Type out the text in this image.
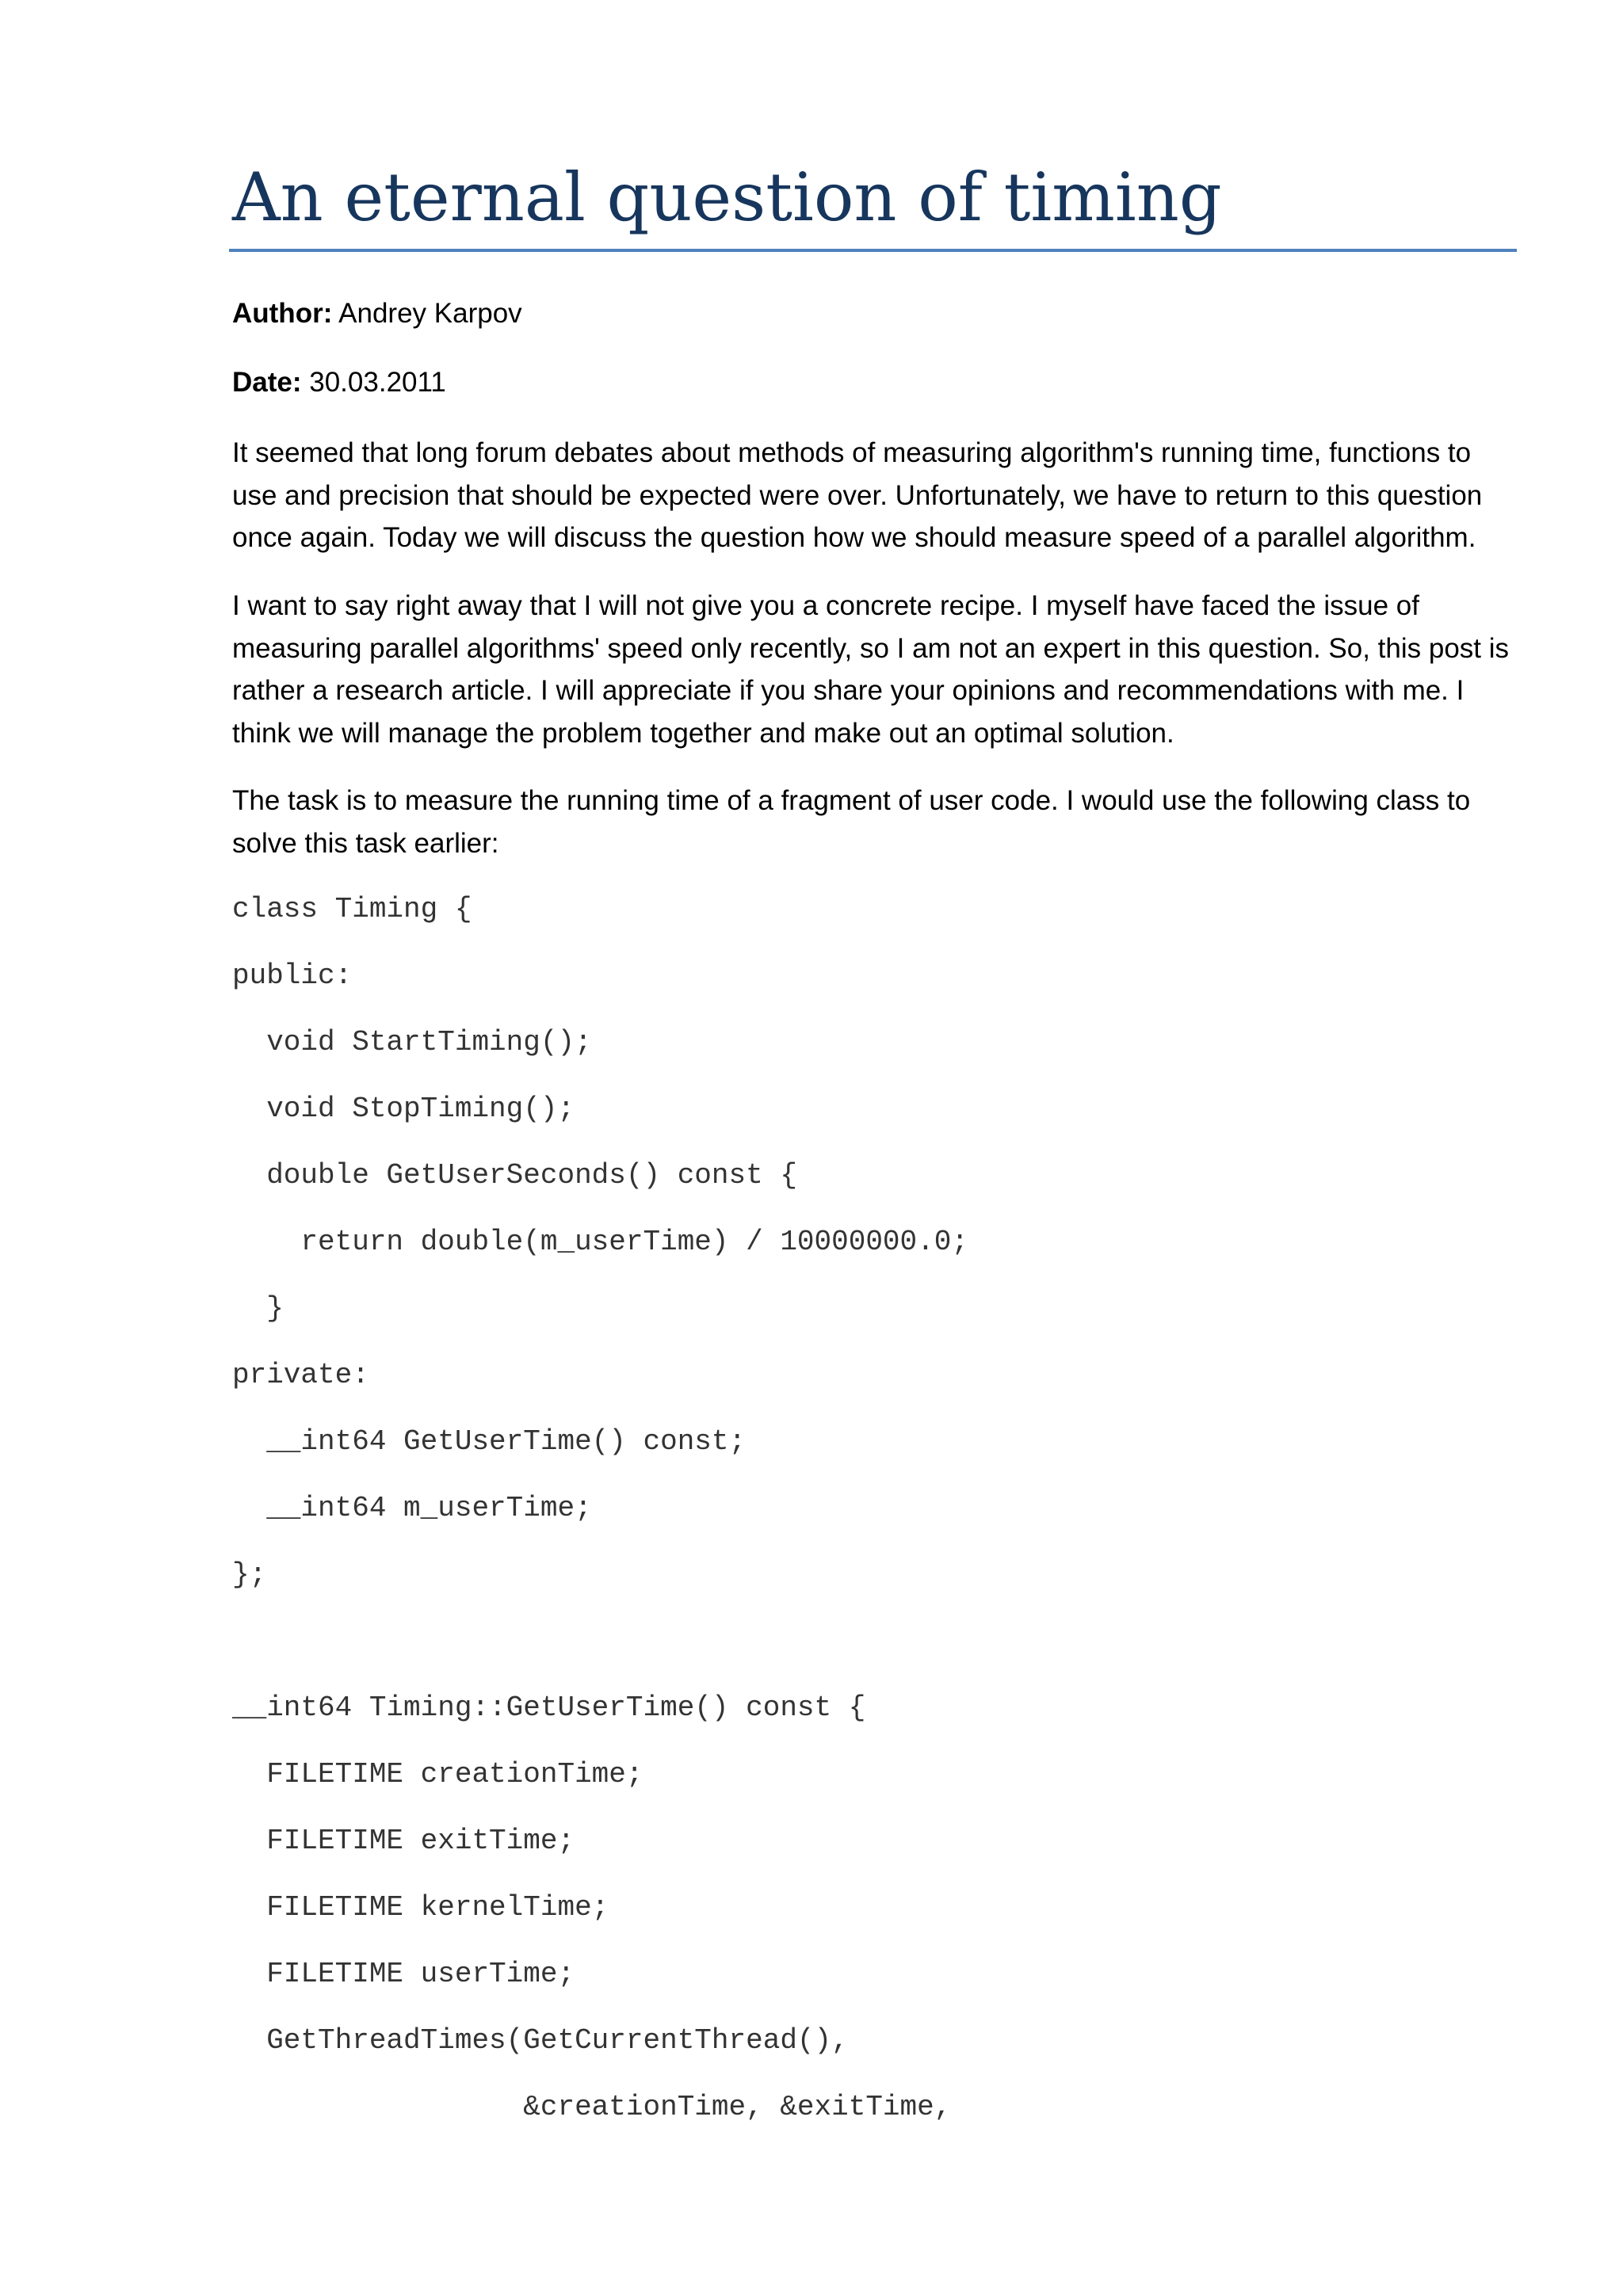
An eternal question of timing
Author: Andrey Karpov
Date: 30.03.2011

It seemed that long forum debates about methods of measuring algorithm's running time, functions to use and precision that should be expected were over. Unfortunately, we have to return to this question once again. Today we will discuss the question how we should measure speed of a parallel algorithm.

I want to say right away that I will not give you a concrete recipe. I myself have faced the issue of measuring parallel algorithms' speed only recently, so I am not an expert in this question. So, this post is rather a research article. I will appreciate if you share your opinions and recommendations with me. I think we will manage the problem together and make out an optimal solution.

The task is to measure the running time of a fragment of user code. I would use the following class to solve this task earlier:

class Timing {
public:
void StartTiming();
void StopTiming();
double GetUserSeconds() const {
return double(m_userTime) / 10000000.0;
}
private:
__int64 GetUserTime() const;
__int64 m_userTime;
};
__int64 Timing::GetUserTime() const {
FILETIME creationTime;
FILETIME exitTime;
FILETIME kernelTime;
FILETIME userTime;
GetThreadTimes(GetCurrentThread(),
&creationTime, &exitTime,
